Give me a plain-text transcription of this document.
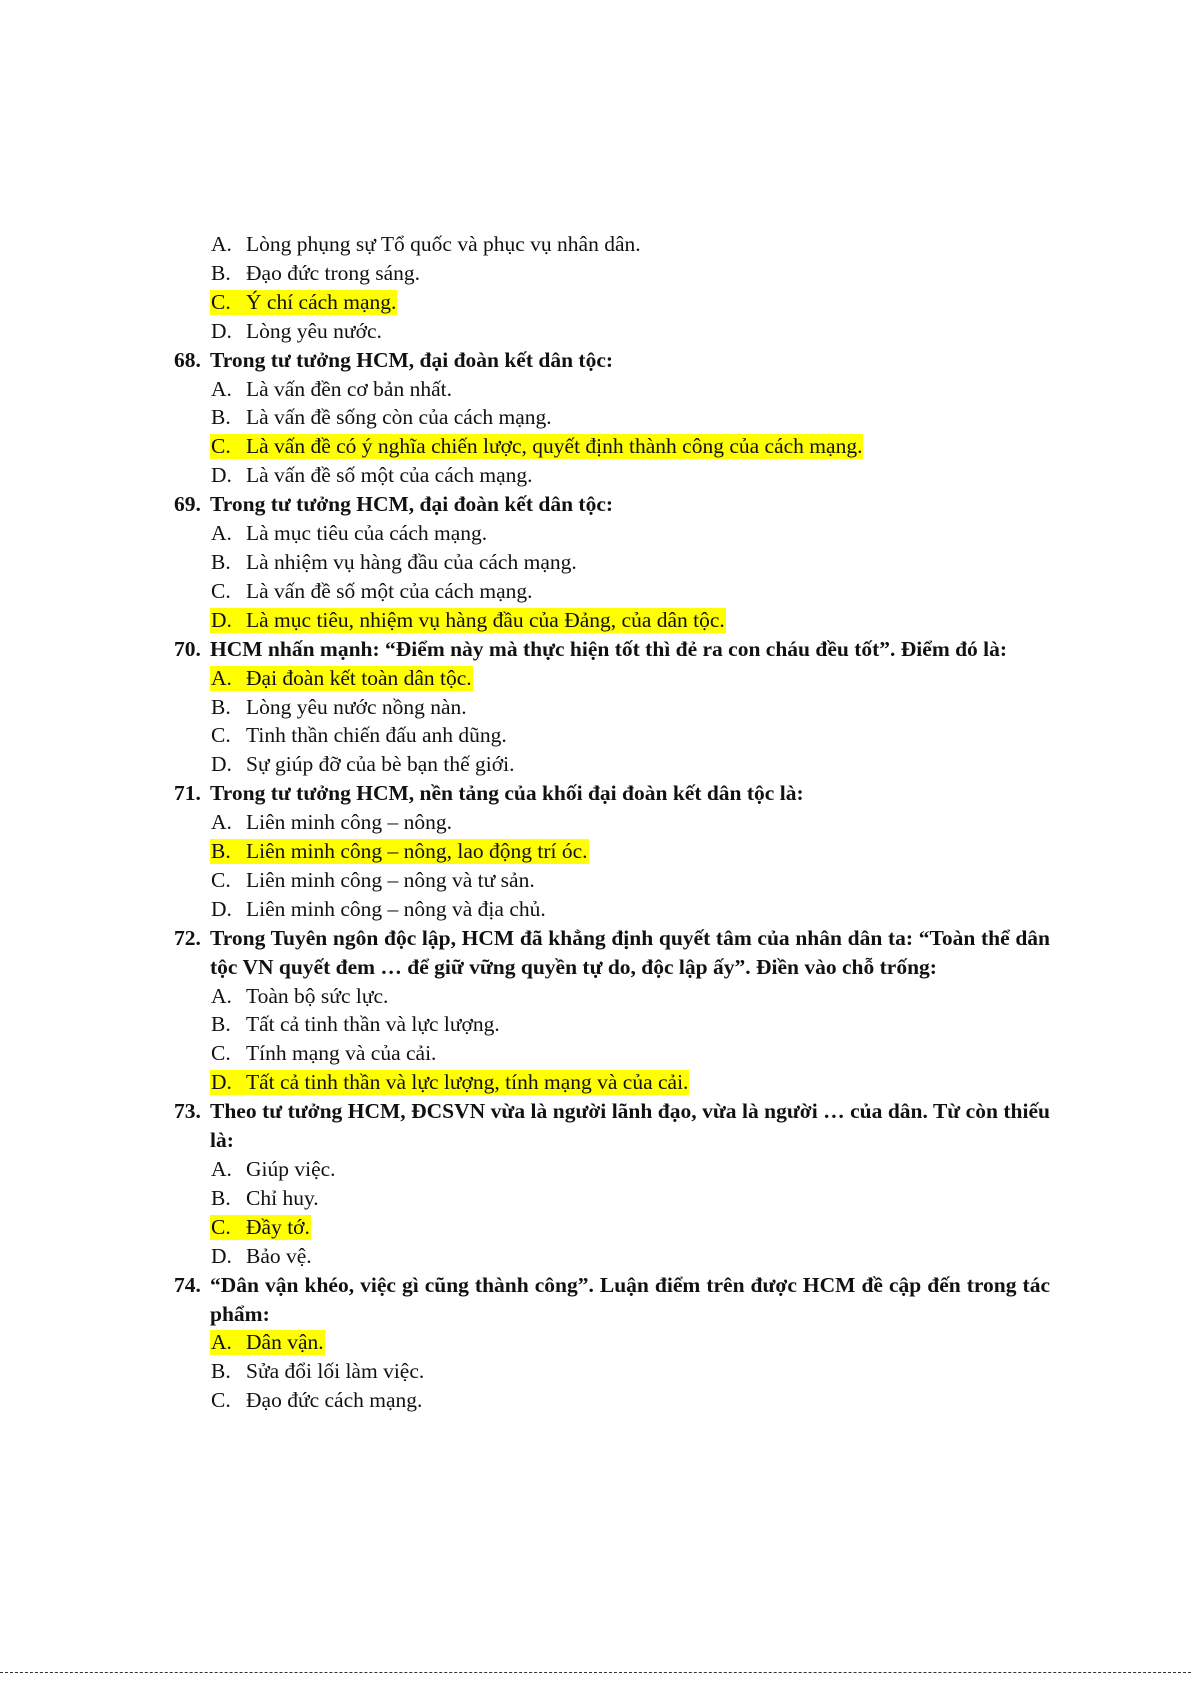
A. Lòng phụng sự Tổ quốc và phục vụ nhân dân.
B. Đạo đức trong sáng.
C. Ý chí cách mạng.
D. Lòng yêu nước.
68. Trong tư tưởng HCM, đại đoàn kết dân tộc:
A. Là vấn đền cơ bản nhất.
B. Là vấn đề sống còn của cách mạng.
C. Là vấn đề có ý nghĩa chiến lược, quyết định thành công của cách mạng.
D. Là vấn đề số một của cách mạng.
69. Trong tư tưởng HCM, đại đoàn kết dân tộc:
A. Là mục tiêu của cách mạng.
B. Là nhiệm vụ hàng đầu của cách mạng.
C. Là vấn đề số một của cách mạng.
D. Là mục tiêu, nhiệm vụ hàng đầu của Đảng, của dân tộc.
70. HCM nhấn mạnh: “Điểm này mà thực hiện tốt thì đẻ ra con cháu đều tốt”. Điểm đó là:
A. Đại đoàn kết toàn dân tộc.
B. Lòng yêu nước nồng nàn.
C. Tinh thần chiến đấu anh dũng.
D. Sự giúp đỡ của bè bạn thế giới.
71. Trong tư tưởng HCM, nền tảng của khối đại đoàn kết dân tộc là:
A. Liên minh công – nông.
B. Liên minh công – nông, lao động trí óc.
C. Liên minh công – nông và tư sản.
D. Liên minh công – nông và địa chủ.
72. Trong Tuyên ngôn độc lập, HCM đã khẳng định quyết tâm của nhân dân ta: “Toàn thể dân tộc VN quyết đem … để giữ vững quyền tự do, độc lập ấy”. Điền vào chỗ trống:
A. Toàn bộ sức lực.
B. Tất cả tinh thần và lực lượng.
C. Tính mạng và của cải.
D. Tất cả tinh thần và lực lượng, tính mạng và của cải.
73. Theo tư tưởng HCM, ĐCSVN vừa là người lãnh đạo, vừa là người … của dân. Từ còn thiếu là:
A. Giúp việc.
B. Chỉ huy.
C. Đầy tớ.
D. Bảo vệ.
74. “Dân vận khéo, việc gì cũng thành công”. Luận điểm trên được HCM đề cập đến trong tác phẩm:
A. Dân vận.
B. Sửa đổi lối làm việc.
C. Đạo đức cách mạng.
